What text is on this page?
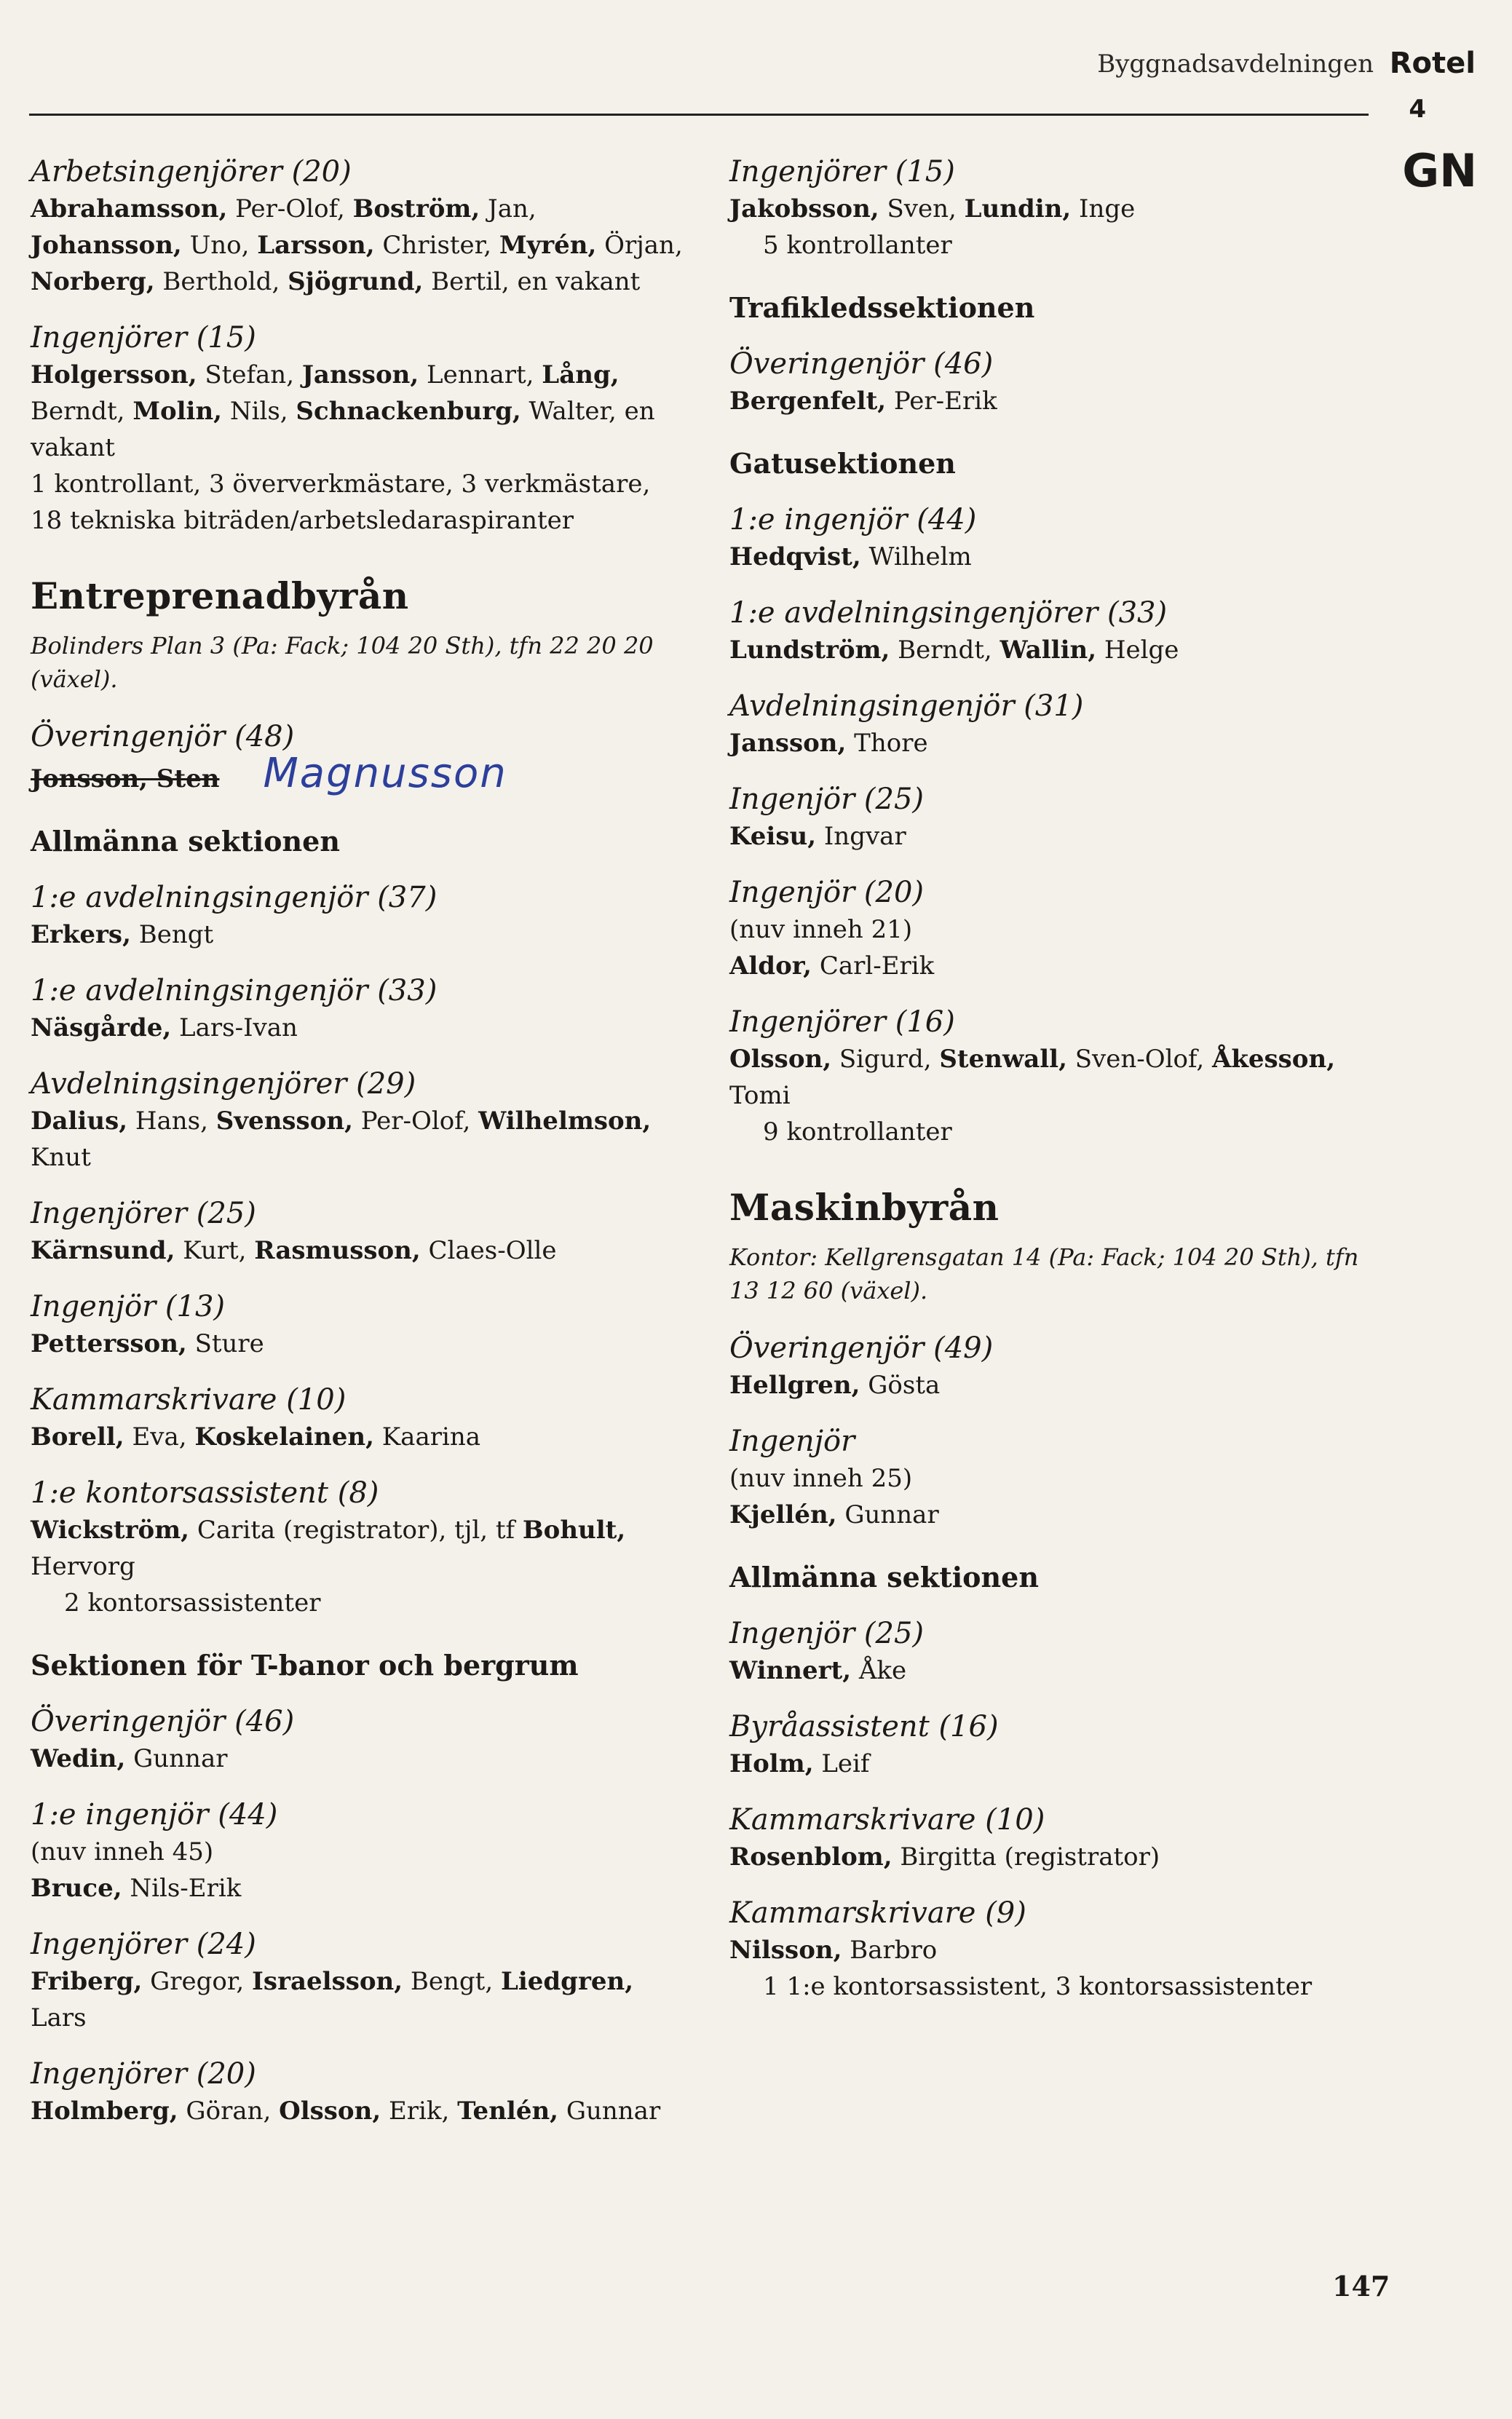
Byggnadsavdelningen Rotel
4
GN
Arbetsingenjörer (20)
Abrahamsson, Per-Olof, Boström, Jan, Johansson, Uno, Larsson, Christer, Myrén, Örjan, Norberg, Berthold, Sjögrund, Bertil, en vakant
Ingenjörer (15)
Holgersson, Stefan, Jansson, Lennart, Lång, Berndt, Molin, Nils, Schnackenburg, Walter, en vakant
1 kontrollant, 3 öververkmästare, 3 verkmästare, 18 tekniska biträden/arbetsledaraspiranter
Entreprenadbyrån
Bolinders Plan 3 (Pa: Fack; 104 20 Sth), tfn 22 20 20 (växel).
Överingenjör (48)
Jonsson, Sten Magnusson
Allmänna sektionen
1:e avdelningsingenjör (37)
Erkers, Bengt
1:e avdelningsingenjör (33)
Näsgårde, Lars-Ivan
Avdelningsingenjörer (29)
Dalius, Hans, Svensson, Per-Olof, Wilhelmson, Knut
Ingenjörer (25)
Kärnsund, Kurt, Rasmusson, Claes-Olle
Ingenjör (13)
Pettersson, Sture
Kammarskrivare (10)
Borell, Eva, Koskelainen, Kaarina
1:e kontorsassistent (8)
Wickström, Carita (registrator), tjl, tf Bohult, Hervorg
2 kontorsassistenter
Sektionen för T-banor och bergrum
Överingenjör (46)
Wedin, Gunnar
1:e ingenjör (44)
(nuv inneh 45)
Bruce, Nils-Erik
Ingenjörer (24)
Friberg, Gregor, Israelsson, Bengt, Liedgren, Lars
Ingenjörer (20)
Holmberg, Göran, Olsson, Erik, Tenlén, Gunnar
Ingenjörer (15)
Jakobsson, Sven, Lundin, Inge
5 kontrollanter
Trafikledssektionen
Överingenjör (46)
Bergenfelt, Per-Erik
Gatusektionen
1:e ingenjör (44)
Hedqvist, Wilhelm
1:e avdelningsingenjörer (33)
Lundström, Berndt, Wallin, Helge
Avdelningsingenjör (31)
Jansson, Thore
Ingenjör (25)
Keisu, Ingvar
Ingenjör (20)
(nuv inneh 21)
Aldor, Carl-Erik
Ingenjörer (16)
Olsson, Sigurd, Stenwall, Sven-Olof, Åkesson, Tomi
9 kontrollanter
Maskinbyrån
Kontor: Kellgrensgatan 14 (Pa: Fack; 104 20 Sth), tfn 13 12 60 (växel).
Överingenjör (49)
Hellgren, Gösta
Ingenjör
(nuv inneh 25)
Kjellén, Gunnar
Allmänna sektionen
Ingenjör (25)
Winnert, Åke
Byråassistent (16)
Holm, Leif
Kammarskrivare (10)
Rosenblom, Birgitta (registrator)
Kammarskrivare (9)
Nilsson, Barbro
1 1:e kontorsassistent, 3 kontorsassistenter
147
